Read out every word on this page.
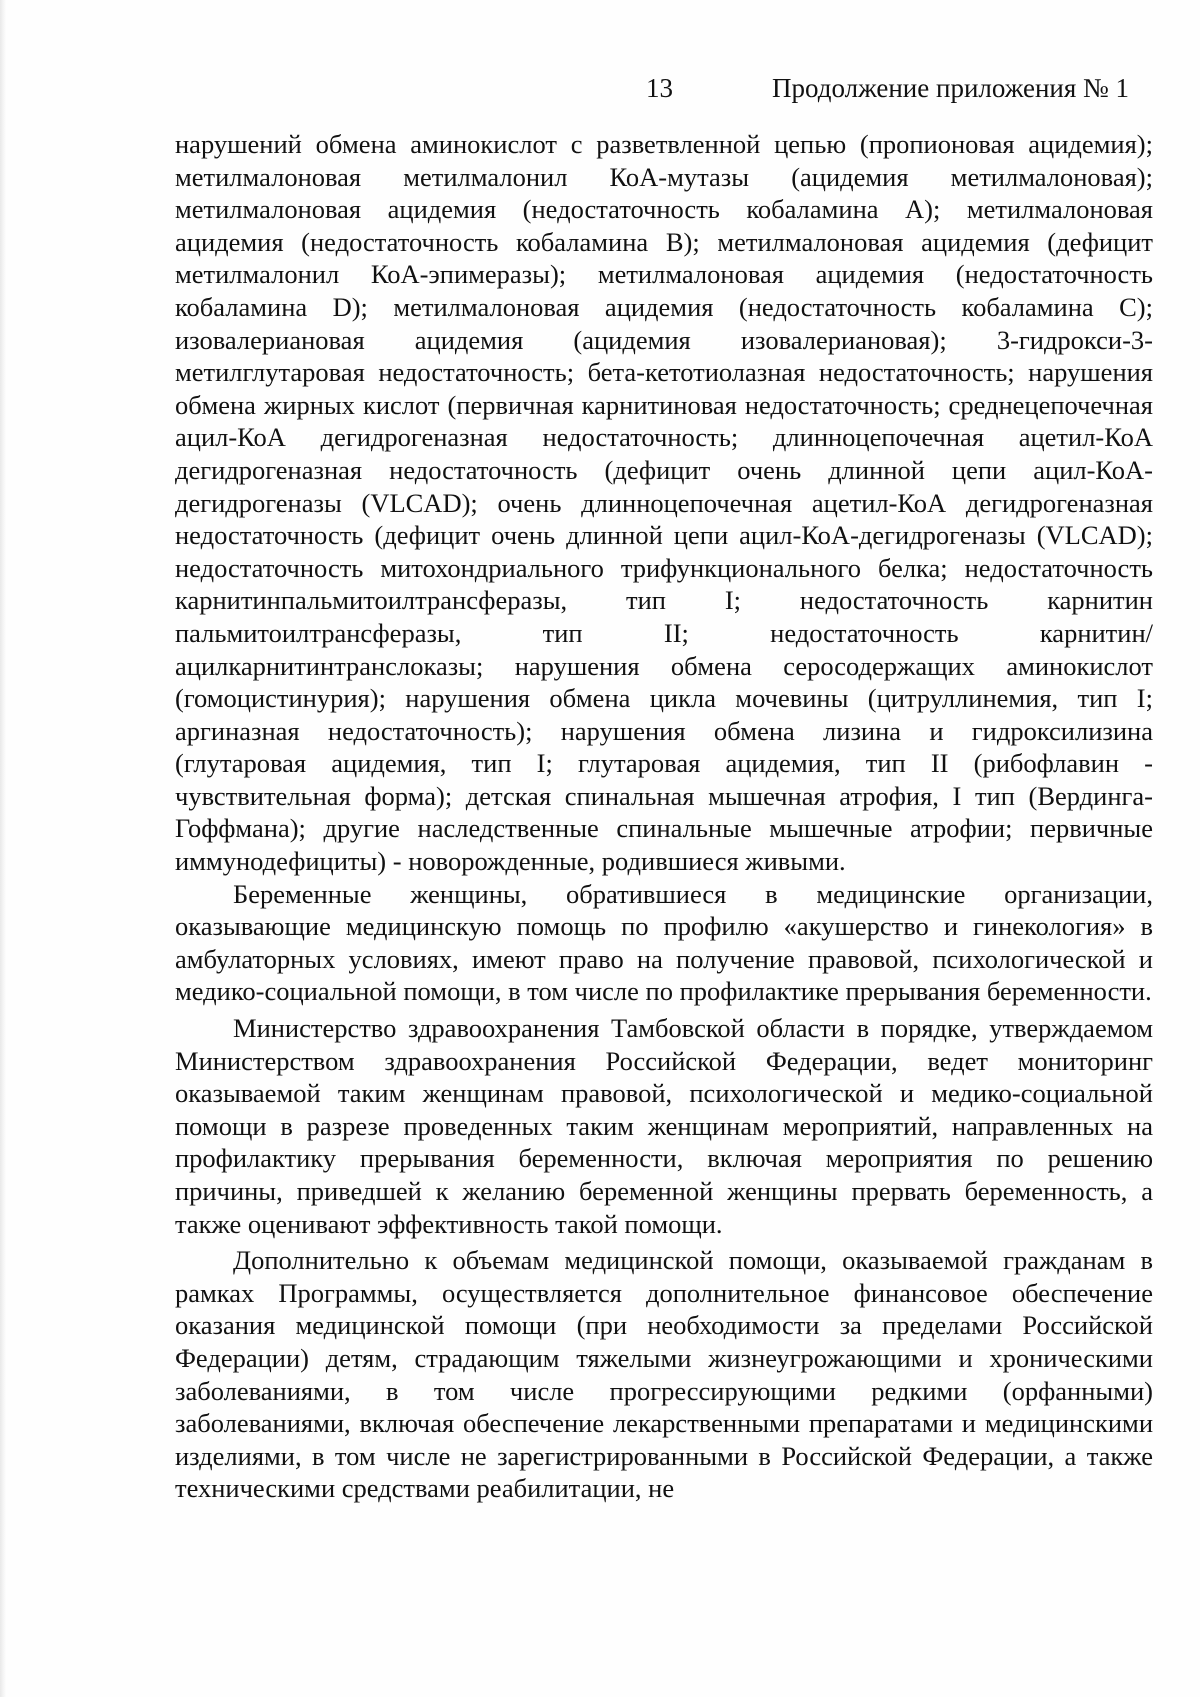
13	Продолжение приложения № 1

нарушений обмена аминокислот с разветвленной цепью (пропионовая ацидемия); метилмалоновая метилмалонил КоА-мутазы (ацидемия метилмалоновая); метилмалоновая ацидемия (недостаточность кобаламина А); метилмалоновая ацидемия (недостаточность кобаламина В); метилмалоновая ацидемия (дефицит метилмалонил КоА-эпимеразы); метилмалоновая ацидемия (недостаточность кобаламина D); метилмалоновая ацидемия (недостаточность кобаламина С); изовалериановая ацидемия (ацидемия изовалериановая); 3-гидрокси-3-метилглутаровая недостаточность; бета-кетотиолазная недостаточность; нарушения обмена жирных кислот (первичная карнитиновая недостаточность; среднецепочечная ацил-КоА дегидрогеназная недостаточность; длинноцепочечная ацетил-КоА дегидрогеназная недостаточность (дефицит очень длинной цепи ацил-КоА-дегидрогеназы (VLCAD); очень длинноцепочечная ацетил-КоА дегидрогеназная недостаточность (дефицит очень длинной цепи ацил-КоА-дегидрогеназы (VLCAD); недостаточность митохондриального трифункционального белка; недостаточность карнитинпальмитоилтрансферазы, тип I; недостаточность карнитин пальмитоилтрансферазы, тип II; недостаточность карнитин/ацилкарнитинтранслоказы; нарушения обмена серосодержащих аминокислот (гомоцистинурия); нарушения обмена цикла мочевины (цитруллинемия, тип I; аргиназная недостаточность); нарушения обмена лизина и гидроксилизина (глутаровая ацидемия, тип I; глутаровая ацидемия, тип II (рибофлавин - чувствительная форма); детская спинальная мышечная атрофия, I тип (Вердинга-Гоффмана); другие наследственные спинальные мышечные атрофии; первичные иммунодефициты) - новорожденные, родившиеся живыми.

Беременные женщины, обратившиеся в медицинские организации, оказывающие медицинскую помощь по профилю «акушерство и гинекология» в амбулаторных условиях, имеют право на получение правовой, психологической и медико-социальной помощи, в том числе по профилактике прерывания беременности.

Министерство здравоохранения Тамбовской области в порядке, утверждаемом Министерством здравоохранения Российской Федерации, ведет мониторинг оказываемой таким женщинам правовой, психологической и медико-социальной помощи в разрезе проведенных таким женщинам мероприятий, направленных на профилактику прерывания беременности, включая мероприятия по решению причины, приведшей к желанию беременной женщины прервать беременность, а также оценивают эффективность такой помощи.

Дополнительно к объемам медицинской помощи, оказываемой гражданам в рамках Программы, осуществляется дополнительное финансовое обеспечение оказания медицинской помощи (при необходимости за пределами Российской Федерации) детям, страдающим тяжелыми жизнеугрожающими и хроническими заболеваниями, в том числе прогрессирующими редкими (орфанными) заболеваниями, включая обеспечение лекарственными препаратами и медицинскими изделиями, в том числе не зарегистрированными в Российской Федерации, а также техническими средствами реабилитации, не
